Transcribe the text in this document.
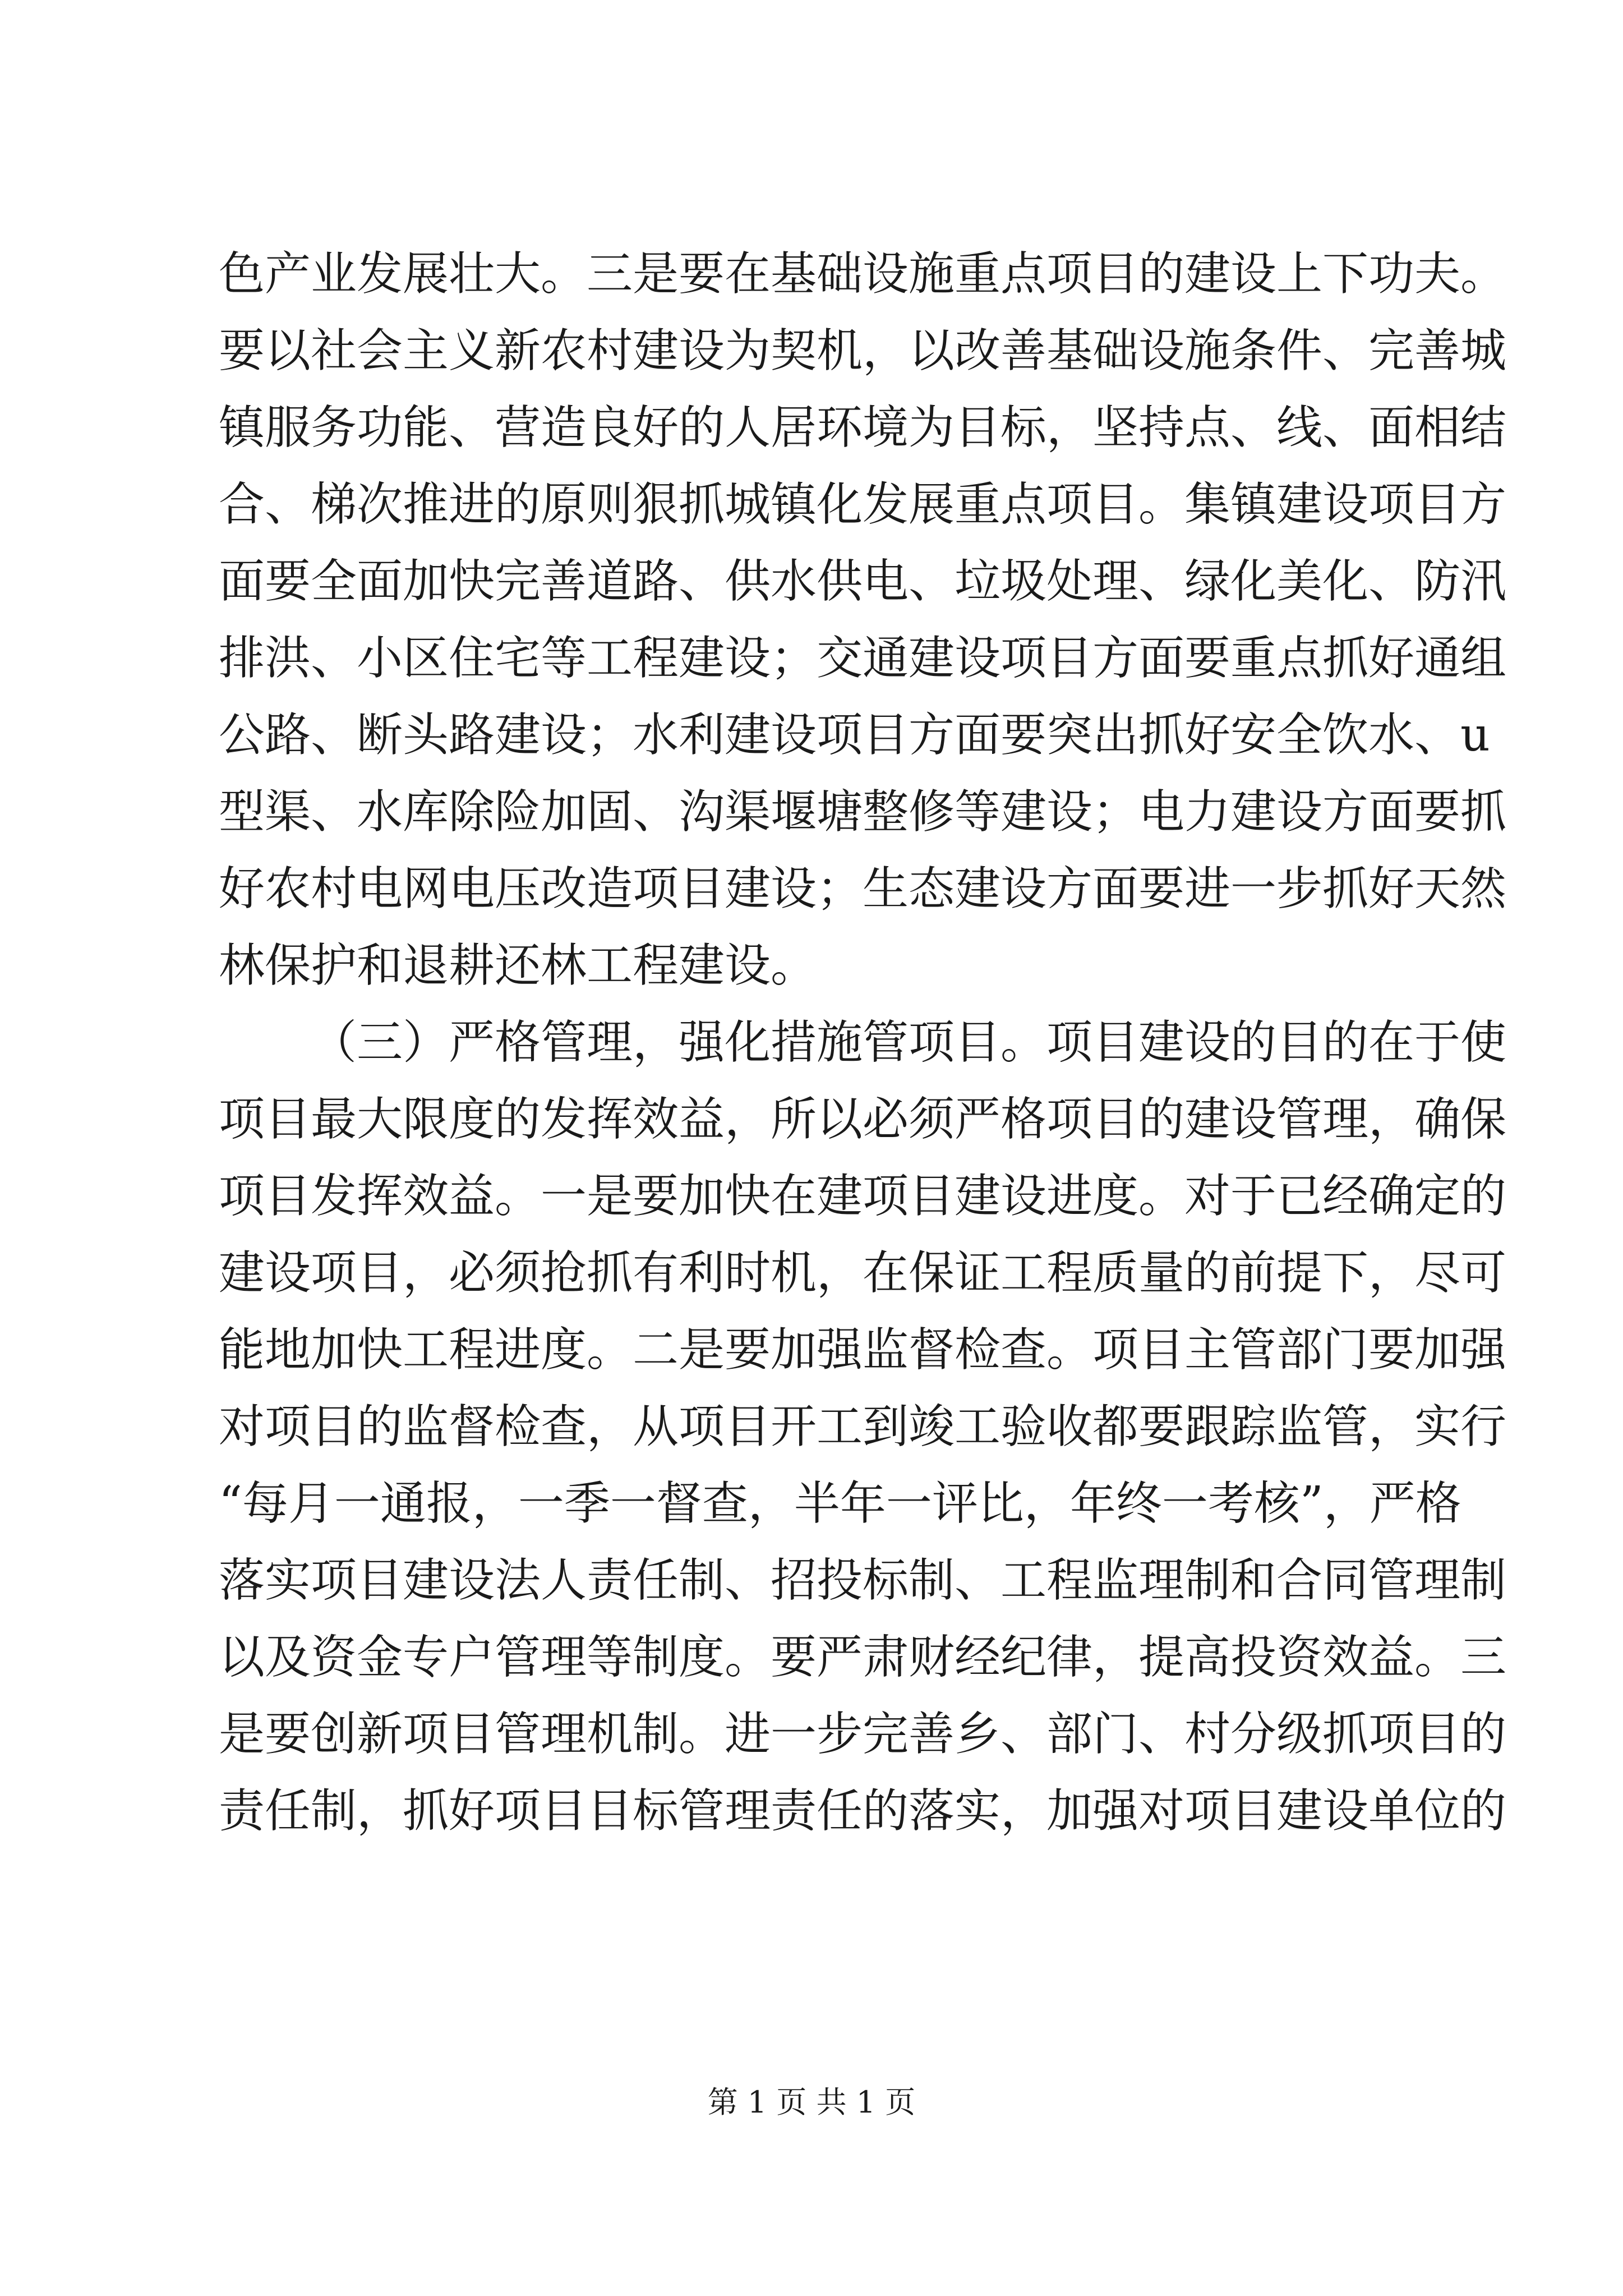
色产业发展壮大。三是要在基础设施重点项目的建设上下功夫。
要以社会主义新农村建设为契机，以改善基础设施条件、完善城
镇服务功能、营造良好的人居环境为目标，坚持点、线、面相结
合、梯次推进的原则狠抓城镇化发展重点项目。集镇建设项目方
面要全面加快完善道路、供水供电、垃圾处理、绿化美化、防汛
排洪、小区住宅等工程建设；交通建设项目方面要重点抓好通组
公路、断头路建设；水利建设项目方面要突出抓好安全饮水、u
型渠、水库除险加固、沟渠堰塘整修等建设；电力建设方面要抓
好农村电网电压改造项目建设；生态建设方面要进一步抓好天然
林保护和退耕还林工程建设。
（三）严格管理，强化措施管项目。项目建设的目的在于使
项目最大限度的发挥效益，所以必须严格项目的建设管理，确保
项目发挥效益。一是要加快在建项目建设进度。对于已经确定的
建设项目，必须抢抓有利时机，在保证工程质量的前提下，尽可
能地加快工程进度。二是要加强监督检查。项目主管部门要加强
对项目的监督检查，从项目开工到竣工验收都要跟踪监管，实行
“每月一通报，一季一督查，半年一评比，年终一考核”，严格
落实项目建设法人责任制、招投标制、工程监理制和合同管理制
以及资金专户管理等制度。要严肃财经纪律，提高投资效益。三
是要创新项目管理机制。进一步完善乡、部门、村分级抓项目的
责任制，抓好项目目标管理责任的落实，加强对项目建设单位的
第 1 页 共 1 页
